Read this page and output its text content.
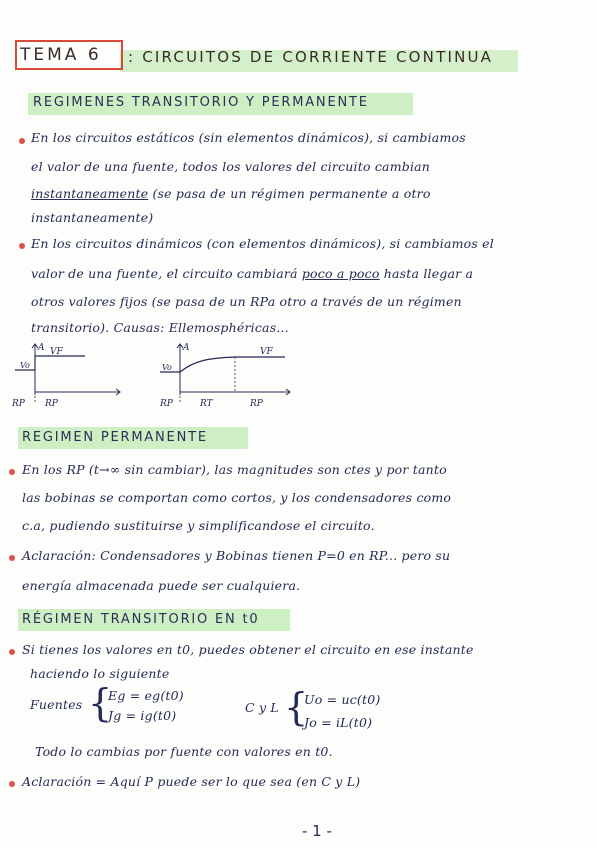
TEMA 6 : CIRCUITOS DE CORRIENTE CONTINUA
REGIMENES TRANSITORIO Y PERMANENTE
En los circuitos estáticos (sin elementos dinámicos), si cambiamos
el valor de una fuente, todos los valores del circuito cambian
instantaneamente (se pasa de un régimen permanente a otro
instantaneamente)
En los circuitos dinámicos (con elementos dinámicos), si cambiamos el
valor de una fuente, el circuito cambiará poco a poco hasta llegar a
otros valores fijos (se pasa de un RPa otro a través de un régimen
transitorio). Causas: Ellemosphéricas...
A VF
Vo
RP RP
A	VF
Vo
RP	RT	RP
REGIMEN PERMANENTE
En los RP (t→∞ sin cambiar), las magnitudes son ctes y por tanto
las bobinas se comportan como cortos, y los condensadores como
c.a, pudiendo sustituirse y simplificandose el circuito.
Aclaración: Condensadores y Bobinas tienen P=0 en RP... pero su
energía almacenada puede ser cualquiera.
RÉGIMEN TRANSITORIO EN t0
Si tienes los valores en t0, puedes obtener el circuito en ese instante
haciendo lo siguiente
Fuentes {
Eg = eg(t0)
Jg = ig(t0)
C y L {
Uo = uc(t0)
Jo = iL(t0)
Todo lo cambias por fuente con valores en t0.
Aclaración = Aquí P puede ser lo que sea (en C y L)
- 1 -
